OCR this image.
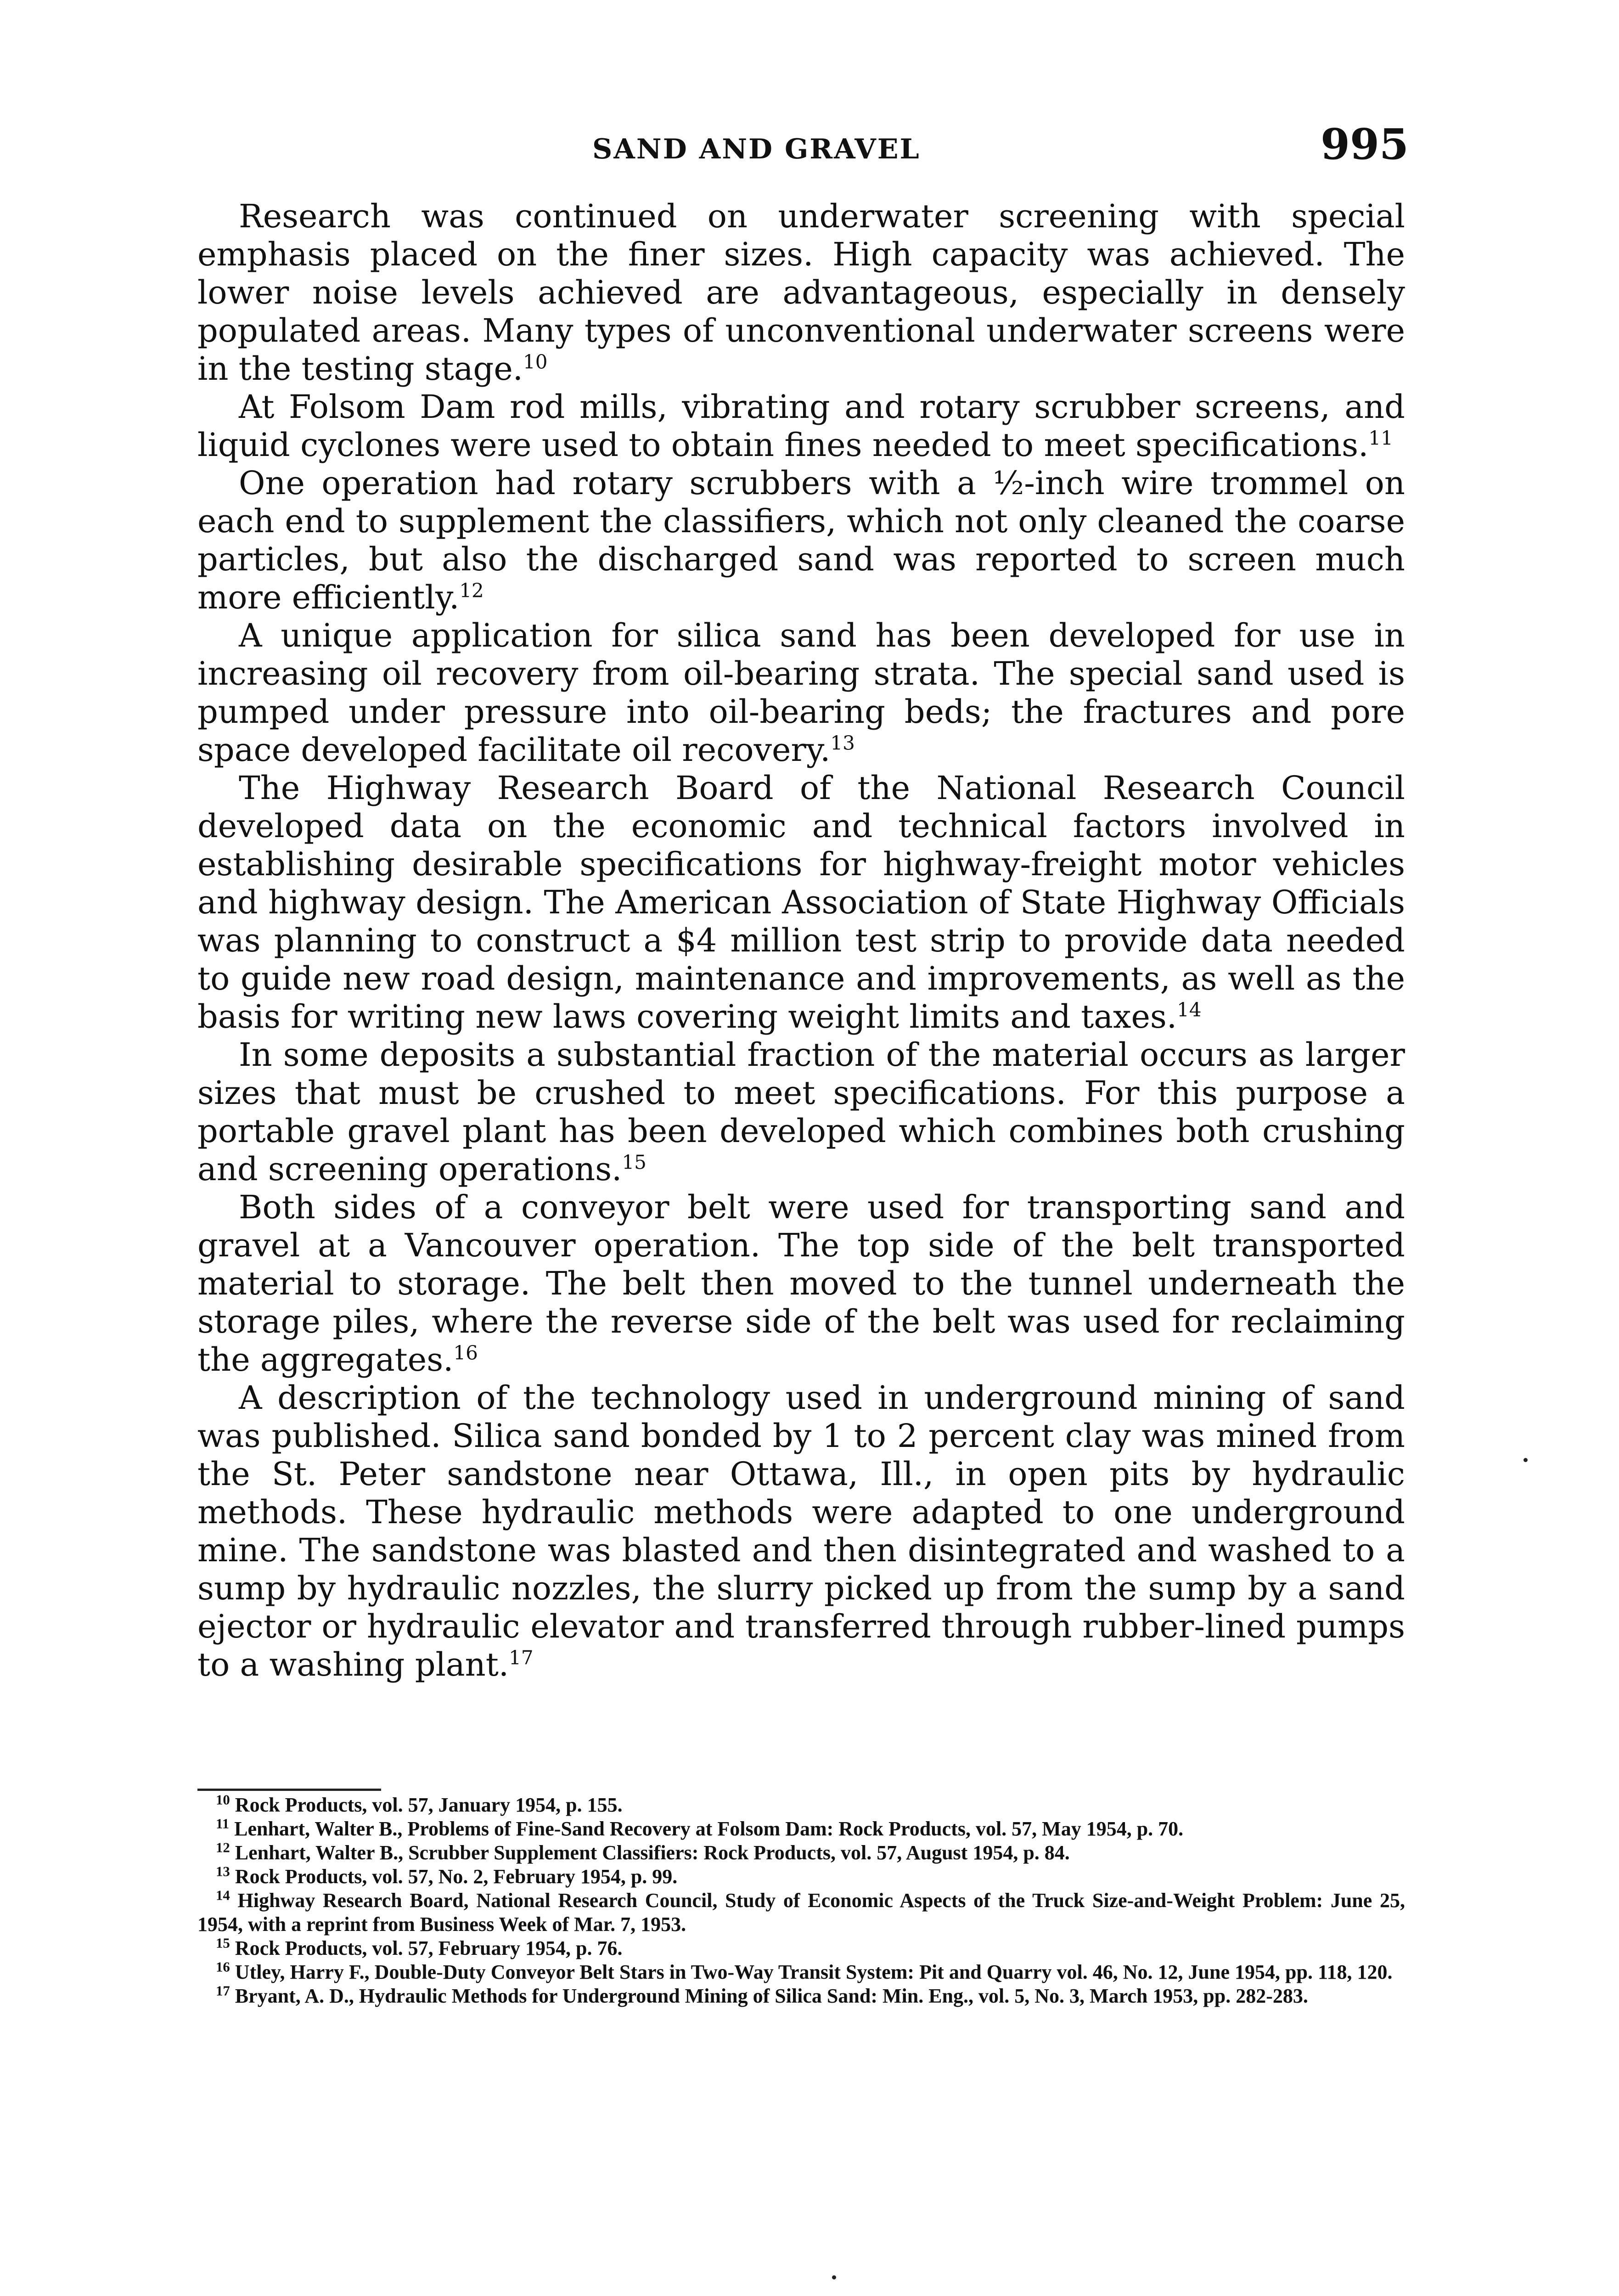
SAND AND GRAVEL	995

Research was continued on underwater screening with special emphasis placed on the finer sizes. High capacity was achieved. The lower noise levels achieved are advantageous, especially in densely populated areas. Many types of unconventional underwater screens were in the testing stage.$^{10}$

At Folsom Dam rod mills, vibrating and rotary scrubber screens, and liquid cyclones were used to obtain fines needed to meet specifications.$^{11}$

One operation had rotary scrubbers with a ½-inch wire trommel on each end to supplement the classifiers, which not only cleaned the coarse particles, but also the discharged sand was reported to screen much more efficiently.$^{12}$

A unique application for silica sand has been developed for use in increasing oil recovery from oil-bearing strata. The special sand used is pumped under pressure into oil-bearing beds; the fractures and pore space developed facilitate oil recovery.$^{13}$

The Highway Research Board of the National Research Council developed data on the economic and technical factors involved in establishing desirable specifications for highway-freight motor vehicles and highway design. The American Association of State Highway Officials was planning to construct a $4 million test strip to provide data needed to guide new road design, maintenance and improvements, as well as the basis for writing new laws covering weight limits and taxes.$^{14}$

In some deposits a substantial fraction of the material occurs as larger sizes that must be crushed to meet specifications. For this purpose a portable gravel plant has been developed which combines both crushing and screening operations.$^{15}$

Both sides of a conveyor belt were used for transporting sand and gravel at a Vancouver operation. The top side of the belt transported material to storage. The belt then moved to the tunnel underneath the storage piles, where the reverse side of the belt was used for reclaiming the aggregates.$^{16}$

A description of the technology used in underground mining of sand was published. Silica sand bonded by 1 to 2 percent clay was mined from the St. Peter sandstone near Ottawa, Ill., in open pits by hydraulic methods. These hydraulic methods were adapted to one underground mine. The sandstone was blasted and then disintegrated and washed to a sump by hydraulic nozzles, the slurry picked up from the sump by a sand ejector or hydraulic elevator and transferred through rubber-lined pumps to a washing plant.$^{17}$

$^{10}$ Rock Products, vol. 57, January 1954, p. 155.

$^{11}$ Lenhart, Walter B., Problems of Fine-Sand Recovery at Folsom Dam: Rock Products, vol. 57, May 1954, p. 70.

$^{12}$ Lenhart, Walter B., Scrubber Supplement Classifiers: Rock Products, vol. 57, August 1954, p. 84.

$^{13}$ Rock Products, vol. 57, No. 2, February 1954, p. 99.

$^{14}$ Highway Research Board, National Research Council, Study of Economic Aspects of the Truck Size-and-Weight Problem: June 25, 1954, with a reprint from Business Week of Mar. 7, 1953.

$^{15}$ Rock Products, vol. 57, February 1954, p. 76.

$^{16}$ Utley, Harry F., Double-Duty Conveyor Belt Stars in Two-Way Transit System: Pit and Quarry vol. 46, No. 12, June 1954, pp. 118, 120.

$^{17}$ Bryant, A. D., Hydraulic Methods for Underground Mining of Silica Sand: Min. Eng., vol. 5, No. 3, March 1953, pp. 282-283.
